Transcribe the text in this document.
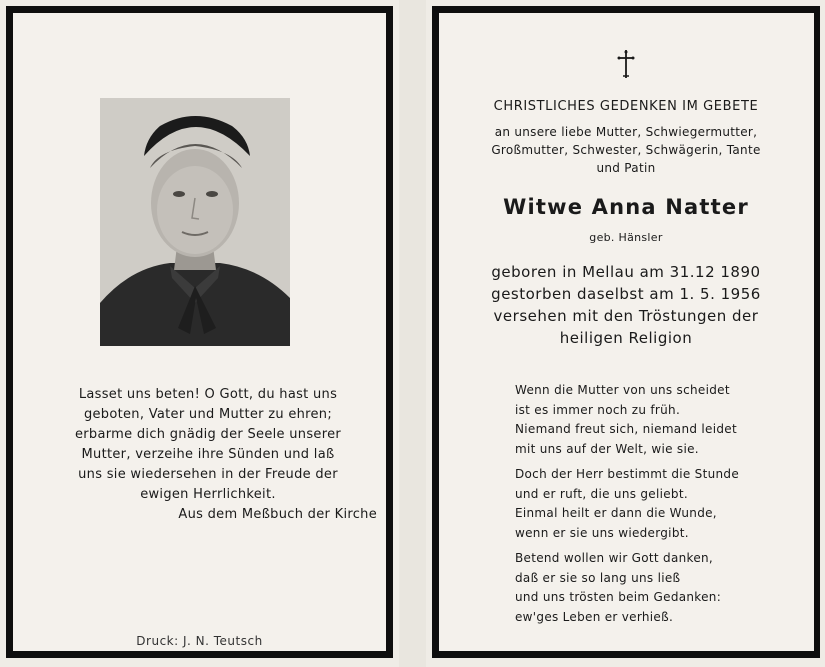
Lasset uns beten! O Gott, du hast uns
geboten, Vater und Mutter zu ehren;
erbarme dich gnädig der Seele unserer
Mutter, verzeihe ihre Sünden und laß
uns sie wiedersehen in der Freude der
ewigen Herrlichkeit.
Aus dem Meßbuch der Kirche
Druck: J. N. Teutsch
CHRISTLICHES GEDENKEN IM GEBETE
an unsere liebe Mutter, Schwiegermutter,
Großmutter, Schwester, Schwägerin, Tante
und Patin
Witwe Anna Natter
geb. Hänsler
geboren in Mellau am 31.12 1890
gestorben daselbst am 1. 5. 1956
versehen mit den Tröstungen der
heiligen Religion
Wenn die Mutter von uns scheidet
ist es immer noch zu früh.
Niemand freut sich, niemand leidet
mit uns auf der Welt, wie sie.
Doch der Herr bestimmt die Stunde
und er ruft, die uns geliebt.
Einmal heilt er dann die Wunde,
wenn er sie uns wiedergibt.
Betend wollen wir Gott danken,
daß er sie so lang uns ließ
und uns trösten beim Gedanken:
ew'ges Leben er verhieß.
